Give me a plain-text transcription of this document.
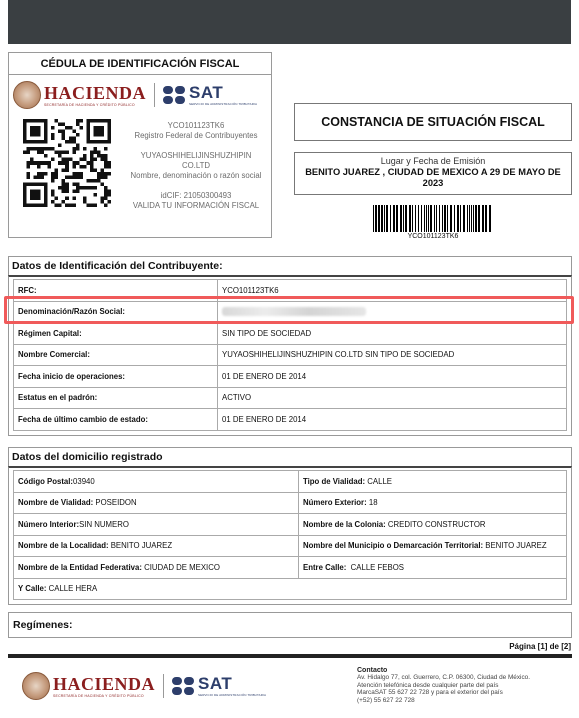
CÉDULA DE IDENTIFICACIÓN FISCAL
HACIENDA
SECRETARÍA DE HACIENDA Y CRÉDITO PÚBLICO
SAT
SERVICIO DE ADMINISTRACIÓN TRIBUTARIA
YCO101123TK6
Registro Federal de Contribuyentes
YUYAOSHIHELIJINSHUZHIPIN
CO.LTD
Nombre, denominación o razón social
idCIF: 21050300493
VALIDA TU INFORMACIÓN FISCAL
CONSTANCIA DE SITUACIÓN FISCAL
Lugar y Fecha de Emisión
BENITO JUAREZ , CIUDAD DE MEXICO A 29 DE MAYO DE 2023
YCO101123TK6
Datos de Identificación del Contribuyente:
RFC:	YCO101123TK6
Denominación/Razón Social:
Régimen Capital:	SIN TIPO DE SOCIEDAD
Nombre Comercial:	YUYAOSHIHELIJINSHUZHIPIN CO.LTD SIN TIPO DE SOCIEDAD
Fecha inicio de operaciones:	01 DE ENERO DE 2014
Estatus en el padrón:	ACTIVO
Fecha de último cambio de estado:	01 DE ENERO DE 2014
Datos del domicilio registrado
Código Postal: 03940	Tipo de Vialidad: CALLE
Nombre de Vialidad: POSEIDON	Número Exterior: 18
Número Interior: SIN NUMERO	Nombre de la Colonia: CREDITO CONSTRUCTOR
Nombre de la Localidad: BENITO JUAREZ	Nombre del Municipio o Demarcación Territorial: BENITO JUAREZ
Nombre de la Entidad Federativa: CIUDAD DE MEXICO	Entre Calle: CALLE FEBOS
Y Calle: CALLE HERA
Regímenes:
Página [1] de [2]
HACIENDA
SECRETARÍA DE HACIENDA Y CRÉDITO PÚBLICO
SAT
SERVICIO DE ADMINISTRACIÓN TRIBUTARIA
Contacto
Av. Hidalgo 77, col. Guerrero, C.P. 06300, Ciudad de México.
Atención telefónica desde cualquier parte del país
MarcaSAT 55 627 22 728 y para el exterior del país
(+52) 55 627 22 728
